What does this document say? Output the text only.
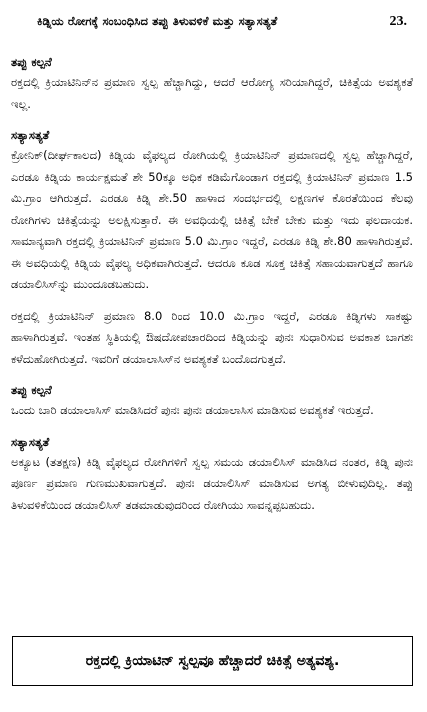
ಕಿಡ್ನಿಯ ರೋಗಕ್ಕೆ ಸಂಬಂಧಿಸಿದ ತಪ್ಪು ತಿಳುವಳಿಕೆ ಮತ್ತು ಸತ್ಯಾಸತ್ಯತೆ	23.
ತಪ್ಪು ಕಲ್ಪನೆ

ರಕ್ತದಲ್ಲಿ ಕ್ರಿಯಾಟಿನಿನ್‌ನ ಪ್ರಮಾಣ ಸ್ವಲ್ಪ ಹೆಚ್ಚಾಗಿದ್ದು, ಆದರೆ ಆರೋಗ್ಯ ಸರಿಯಾಗಿದ್ದರೆ, ಚಿಕಿತ್ಸೆಯ ಅವಶ್ಯಕತೆ ಇಲ್ಲ.

ಸತ್ಯಾಸತ್ಯತೆ

ಕ್ರೋನಿಕ್(ದೀರ್ಘಕಾಲದ) ಕಿಡ್ನಿಯ ವೈಫಲ್ಯದ ರೋಗಿಯಲ್ಲಿ ಕ್ರಿಯಾಟಿನಿನ್ ಪ್ರಮಾಣದಲ್ಲಿ ಸ್ವಲ್ಪ ಹೆಚ್ಚಾಗಿದ್ದರೆ, ಎರಡೂ ಕಿಡ್ನಿಯ ಕಾರ್ಯಕ್ಷಮತೆ ಶೇ 50ಕ್ಕೂ ಅಧಿಕ ಕಡಿಮೆಗೊಂಡಾಗ ರಕ್ತದಲ್ಲಿ ಕ್ರಿಯಾಟಿನಿನ್ ಪ್ರಮಾಣ 1.5 ಮಿ.ಗ್ರಾಂ ಆಗಿರುತ್ತದೆ. ಎರಡೂ ಕಿಡ್ನಿ ಶೇ.50 ಹಾಳಾದ ಸಂದರ್ಭದಲ್ಲಿ ಲಕ್ಷಣಗಳ ಕೊರತೆಯಿಂದ ಕೆಲವು ರೋಗಿಗಳು ಚಿಕಿತ್ಸೆಯನ್ನು ಅಲಕ್ಷಿಸುತ್ತಾರೆ. ಈ ಅವಧಿಯಲ್ಲಿ ಚಿಕಿತ್ಸೆ ಬೇಕೆ ಬೇಕು ಮತ್ತು ಇದು ಫಲದಾಯಕ. ಸಾಮಾನ್ಯವಾಗಿ ರಕ್ತದಲ್ಲಿ ಕ್ರಿಯಾಟಿನಿನ್ ಪ್ರಮಾಣ 5.0 ಮಿ.ಗ್ರಾಂ ಇದ್ದರೆ, ಎರಡೂ ಕಿಡ್ನಿ ಶೇ.80 ಹಾಳಾಗಿರುತ್ತವೆ. ಈ ಅವಧಿಯಲ್ಲಿ ಕಿಡ್ನಿಯ ವೈಫಲ್ಯ ಅಧಿಕವಾಗಿರುತ್ತದೆ. ಆದರೂ ಕೂಡ ಸೂಕ್ತ ಚಿಕಿತ್ಸೆ ಸಹಾಯವಾಗುತ್ತದೆ ಹಾಗೂ ಡಯಾಲಿಸಿಸ್‌ನ್ನು ಮುಂದೂಡಬಹುದು.

ರಕ್ತದಲ್ಲಿ ಕ್ರಿಯಾಟಿನಿನ್ ಪ್ರಮಾಣ 8.0 ರಿಂದ 10.0 ಮಿ.ಗ್ರಾಂ ಇದ್ದರೆ, ಎರಡೂ ಕಿಡ್ನಿಗಳು ಸಾಕಷ್ಟು ಹಾಳಾಗಿರುತ್ತವೆ. ಇಂತಹ ಸ್ಥಿತಿಯಲ್ಲಿ ಔಷದೋಪಚಾರದಿಂದ ಕಿಡ್ನಿಯನ್ನು ಪುನಃ ಸುಧಾರಿಸುವ ಅವಕಾಶ ಬಾಗಶಃ ಕಳೆದುಹೋಗಿರುತ್ತದೆ. ಇವರಿಗೆ ಡಯಾಲಾಸಿಸ್‌ನ ಅವಶ್ಯಕತೆ ಬಂದೊದಗುತ್ತದೆ.

ತಪ್ಪು ಕಲ್ಪನೆ

ಒಂದು ಬಾರಿ ಡಯಾಲಾಸಿಸ್ ಮಾಡಿಸಿದರೆ ಪುನಃ ಪುನಃ ಡಯಾಲಾಸಿಸ ಮಾಡಿಸುವ ಅವಶ್ಯಕತೆ ಇರುತ್ತದೆ.

ಸತ್ಯಾಸತ್ಯತೆ

ಅಕ್ಯೂಟ (ತತಕ್ಷಣ) ಕಿಡ್ನಿ ವೈಫಲ್ಯದ ರೋಗಿಗಳಿಗೆ ಸ್ವಲ್ಪ ಸಮಯ ಡಯಾಲಿಸಿಸ್ ಮಾಡಿಸಿದ ನಂತರ, ಕಿಡ್ನಿ ಪುನಃ ಪೂರ್ಣ ಪ್ರಮಾಣ ಗುಣಮುಖವಾಗುತ್ತದೆ. ಪುನಃ ಡಯಾಲಿಸಿಸ್ ಮಾಡಿಸುವ ಅಗತ್ಯ ಬೀಳುವುದಿಲ್ಲ. ತಪ್ಪು ತಿಳುವಳಿಕೆಯಿಂದ ಡಯಾಲಿಸಿಸ್ ತಡಮಾಡುವುದರಿಂದ ರೋಗಿಯು ಸಾವನ್ನಪ್ಪಬಹುದು.

ರಕ್ತದಲ್ಲಿ ಕ್ರಿಯಾಟಿನ್ ಸ್ವಲ್ಪವೂ ಹೆಚ್ಚಾದರೆ ಚಿಕಿತ್ಸೆ ಅತ್ಯವಶ್ಯ.
